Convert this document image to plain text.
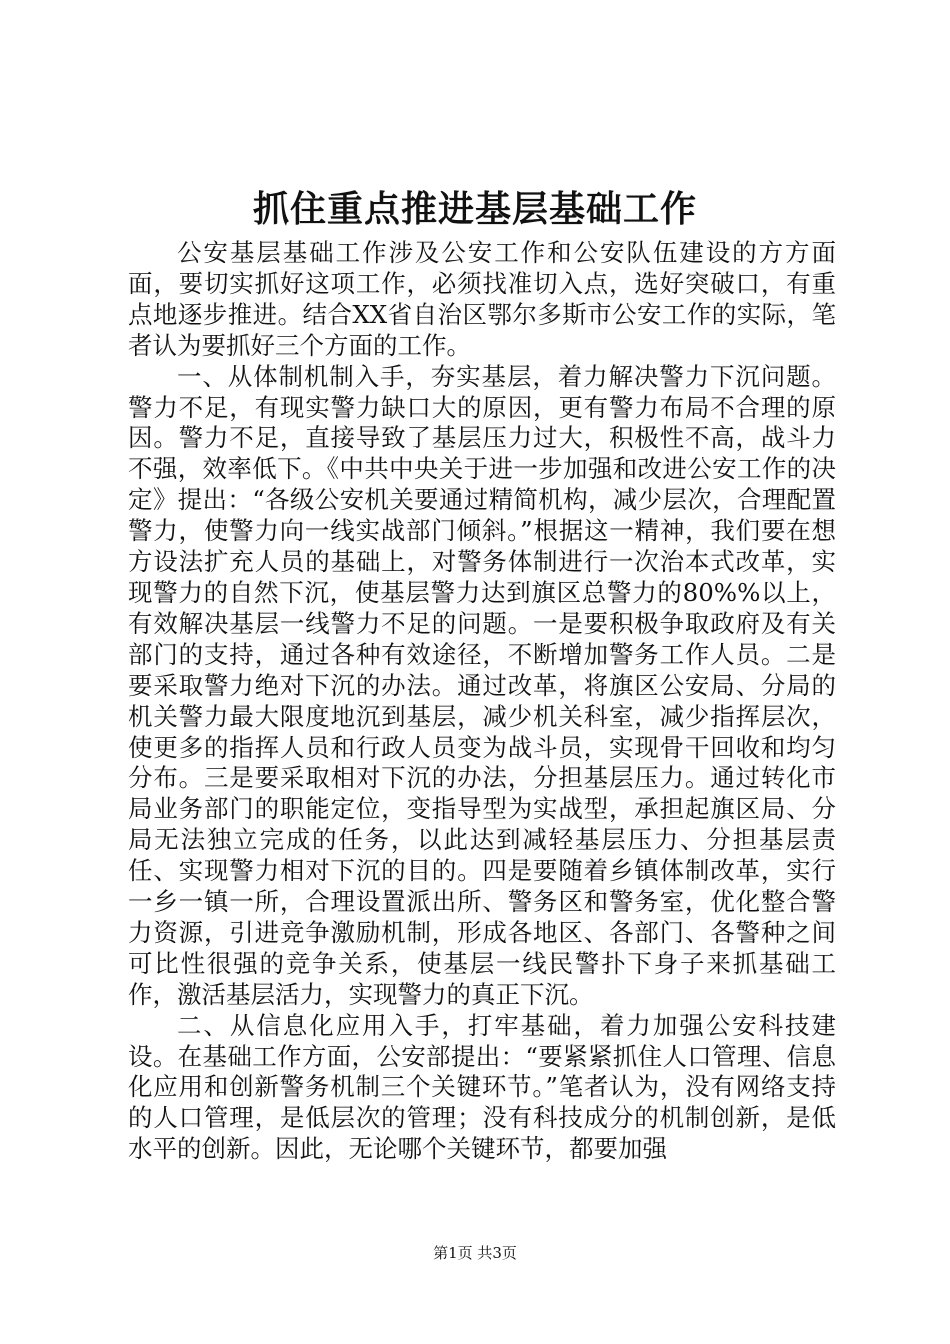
抓住重点推进基层基础工作

公安基层基础工作涉及公安工作和公安队伍建设的方方面面，要切实抓好这项工作，必须找准切入点，选好突破口，有重点地逐步推进。结合XX省自治区鄂尔多斯市公安工作的实际，笔者认为要抓好三个方面的工作。

一、从体制机制入手，夯实基层，着力解决警力下沉问题。警力不足，有现实警力缺口大的原因，更有警力布局不合理的原因。警力不足，直接导致了基层压力过大，积极性不高，战斗力不强，效率低下。《中共中央关于进一步加强和改进公安工作的决定》提出：“各级公安机关要通过精简机构，减少层次，合理配置警力，使警力向一线实战部门倾斜。”根据这一精神，我们要在想方设法扩充人员的基础上，对警务体制进行一次治本式改革，实现警力的自然下沉，使基层警力达到旗区总警力的80%%以上，有效解决基层一线警力不足的问题。一是要积极争取政府及有关部门的支持，通过各种有效途径，不断增加警务工作人员。二是要采取警力绝对下沉的办法。通过改革，将旗区公安局、分局的机关警力最大限度地沉到基层，减少机关科室，减少指挥层次，使更多的指挥人员和行政人员变为战斗员，实现骨干回收和均匀分布。三是要采取相对下沉的办法，分担基层压力。通过转化市局业务部门的职能定位，变指导型为实战型，承担起旗区局、分局无法独立完成的任务，以此达到减轻基层压力、分担基层责任、实现警力相对下沉的目的。四是要随着乡镇体制改革，实行一乡一镇一所，合理设置派出所、警务区和警务室，优化整合警力资源，引进竞争激励机制，形成各地区、各部门、各警种之间可比性很强的竞争关系，使基层一线民警扑下身子来抓基础工作，激活基层活力，实现警力的真正下沉。

二、从信息化应用入手，打牢基础，着力加强公安科技建设。在基础工作方面，公安部提出：“要紧紧抓住人口管理、信息化应用和创新警务机制三个关键环节。”笔者认为，没有网络支持的人口管理，是低层次的管理；没有科技成分的机制创新，是低水平的创新。因此，无论哪个关键环节，都要加强

第1页 共3页
